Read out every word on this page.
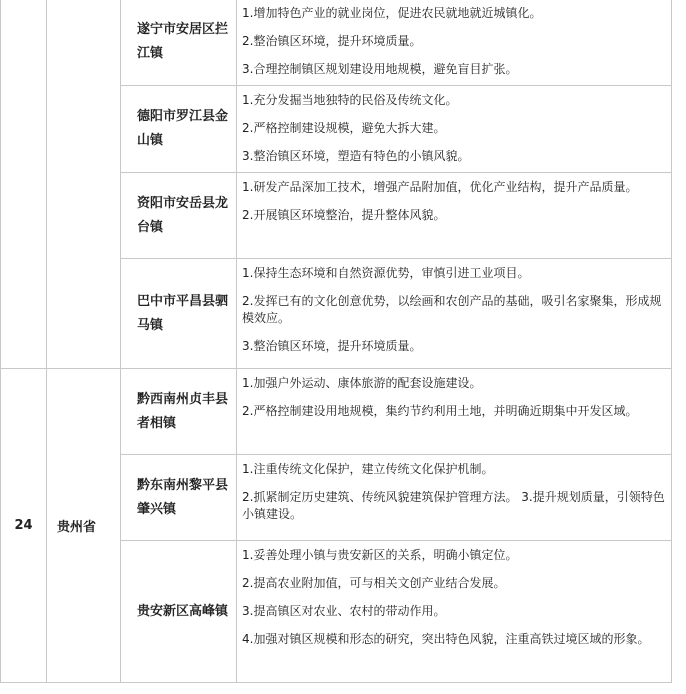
		遂宁市安居区拦江镇	1.增加特色产业的就业岗位，促进农民就地就近城镇化。
2.整治镇区环境，提升环境质量。
3.合理控制镇区规划建设用地规模，避免盲目扩张。

		德阳市罗江县金山镇	1.充分发掘当地独特的民俗及传统文化。
2.严格控制建设规模，避免大拆大建。
3.整治镇区环境，塑造有特色的小镇风貌。

		资阳市安岳县龙台镇	1.研发产品深加工技术，增强产品附加值，优化产业结构，提升产品质量。
2.开展镇区环境整治，提升整体风貌。

		巴中市平昌县驷马镇	1.保持生态环境和自然资源优势，审慎引进工业项目。
2.发挥已有的文化创意优势，以绘画和农创产品的基础，吸引名家聚集，形成规模效应。
3.整治镇区环境，提升环境质量。

24	贵州省	黔西南州贞丰县者相镇	1.加强户外运动、康体旅游的配套设施建设。
2.严格控制建设用地规模，集约节约利用土地，并明确近期集中开发区域。

		黔东南州黎平县肇兴镇	1.注重传统文化保护，建立传统文化保护机制。
2.抓紧制定历史建筑、传统风貌建筑保护管理方法。 3.提升规划质量，引领特色小镇建设。

		贵安新区高峰镇	1.妥善处理小镇与贵安新区的关系，明确小镇定位。
2.提高农业附加值，可与相关文创产业结合发展。
3.提高镇区对农业、农村的带动作用。
4.加强对镇区规模和形态的研究，突出特色风貌，注重高铁过境区域的形象。
